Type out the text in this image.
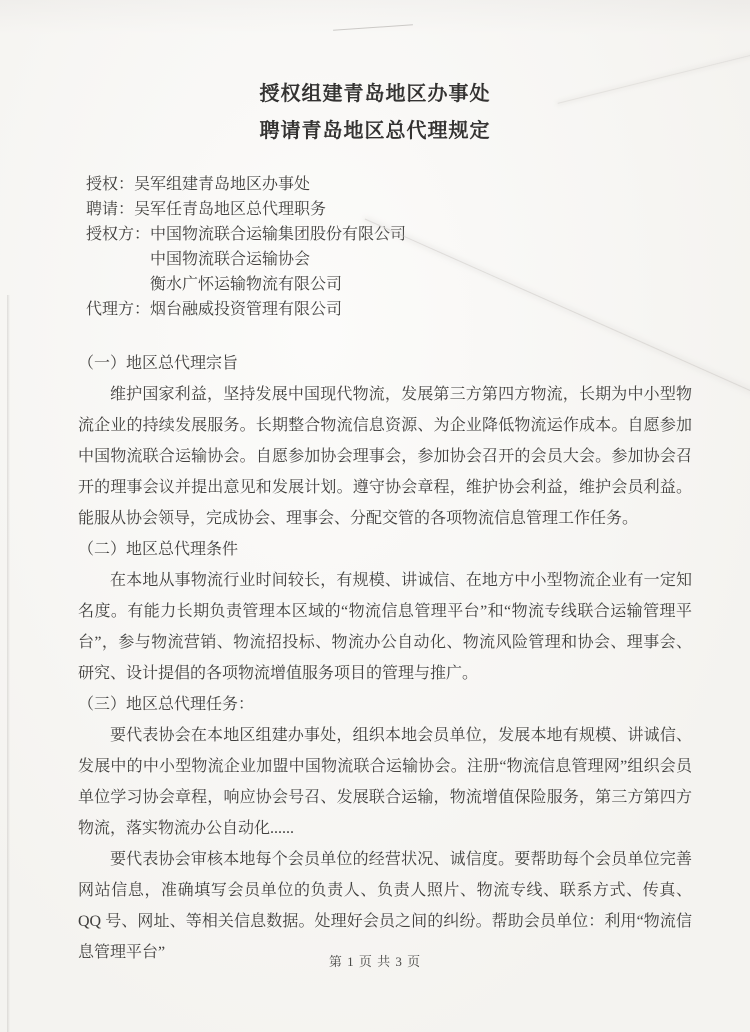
授权组建青岛地区办事处
聘请青岛地区总代理规定
授权：吴军组建青岛地区办事处
聘请：吴军任青岛地区总代理职务
授权方：中国物流联合运输集团股份有限公司
中国物流联合运输协会
衡水广怀运输物流有限公司
代理方：烟台融威投资管理有限公司

（一）地区总代理宗旨

维护国家利益，坚持发展中国现代物流，发展第三方第四方物流，长期为中小型物流企业的持续发展服务。长期整合物流信息资源、为企业降低物流运作成本。自愿参加中国物流联合运输协会。自愿参加协会理事会，参加协会召开的会员大会。参加协会召开的理事会议并提出意见和发展计划。遵守协会章程，维护协会利益，维护会员利益。能服从协会领导，完成协会、理事会、分配交管的各项物流信息管理工作任务。

（二）地区总代理条件

在本地从事物流行业时间较长，有规模、讲诚信、在地方中小型物流企业有一定知名度。有能力长期负责管理本区域的“物流信息管理平台”和“物流专线联合运输管理平台”，参与物流营销、物流招投标、物流办公自动化、物流风险管理和协会、理事会、研究、设计提倡的各项物流增值服务项目的管理与推广。

（三）地区总代理任务：

要代表协会在本地区组建办事处，组织本地会员单位，发展本地有规模、讲诚信、发展中的中小型物流企业加盟中国物流联合运输协会。注册“物流信息管理网”组织会员单位学习协会章程，响应协会号召、发展联合运输，物流增值保险服务，第三方第四方物流，落实物流办公自动化......

要代表协会审核本地每个会员单位的经营状况、诚信度。要帮助每个会员单位完善网站信息，准确填写会员单位的负责人、负责人照片、物流专线、联系方式、传真、QQ 号、网址、等相关信息数据。处理好会员之间的纠纷。帮助会员单位：利用“物流信息管理平台”

第 1 页 共 3 页
